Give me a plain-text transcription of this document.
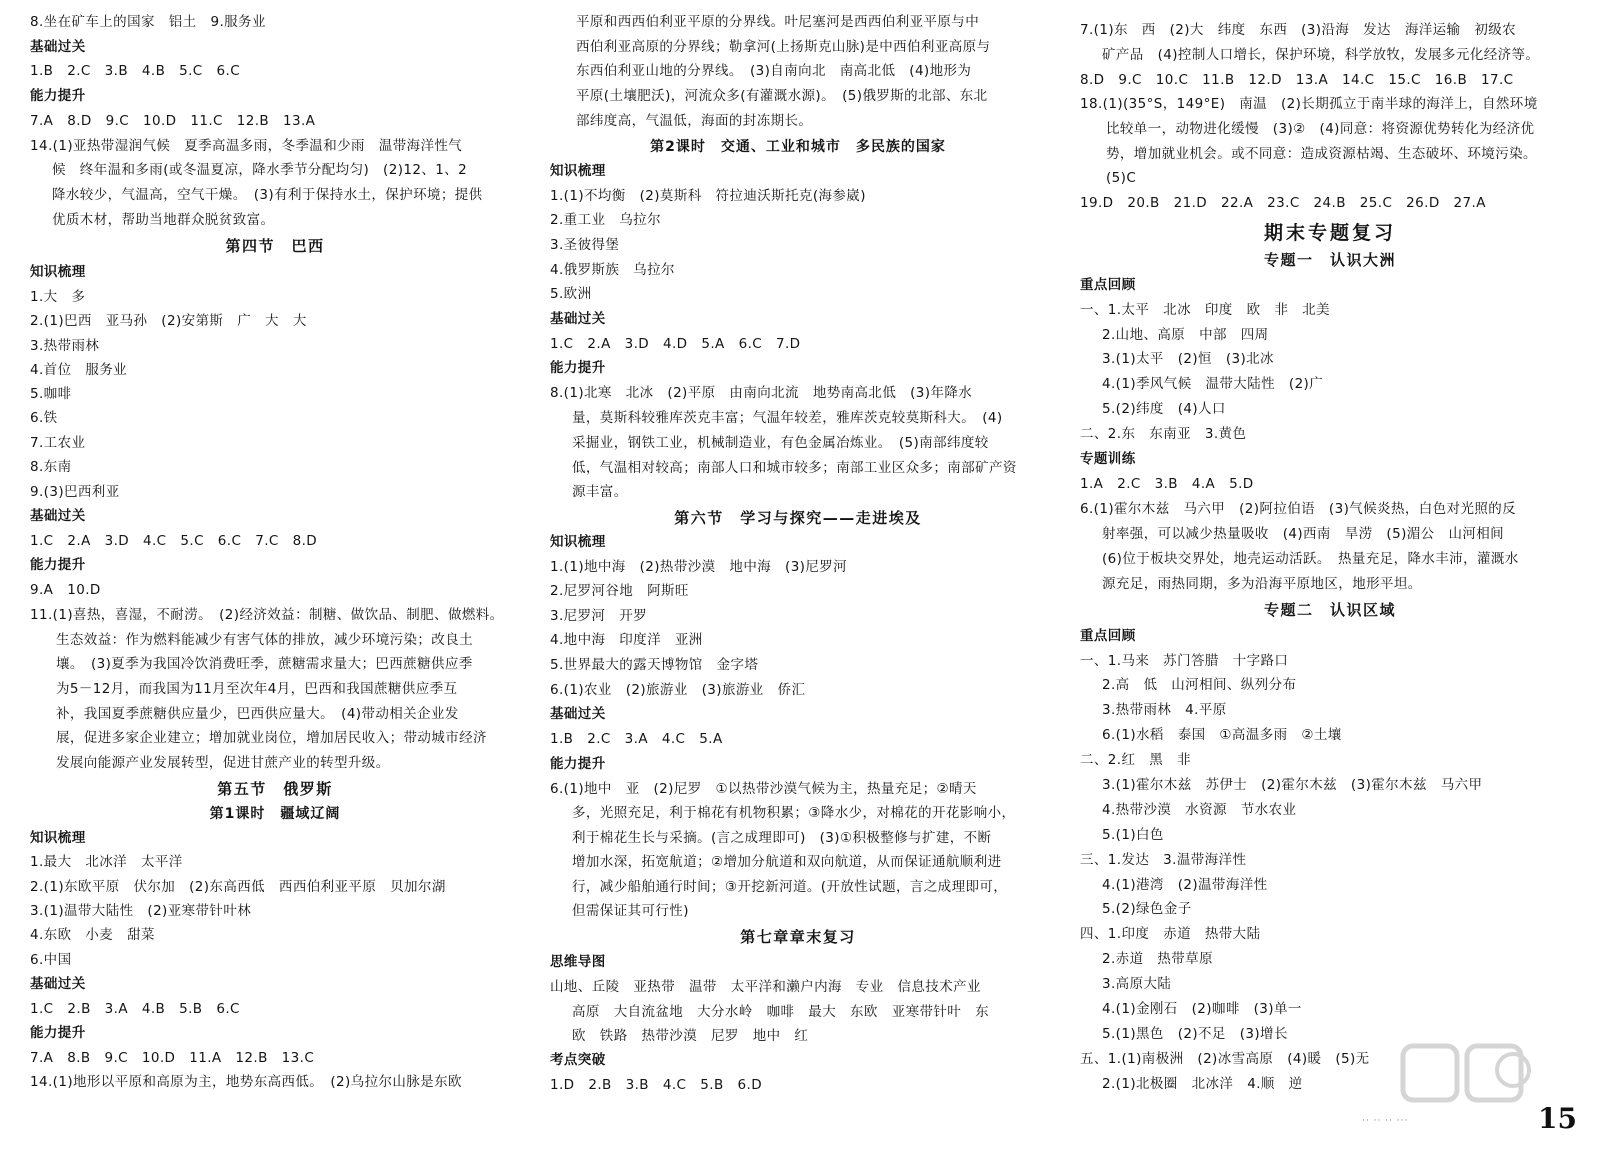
8.坐在矿车上的国家　铝土　9.服务业
基础过关
1.B　2.C　3.B　4.B　5.C　6.C
能力提升
7.A　8.D　9.C　10.D　11.C　12.B　13.A
14.(1)亚热带湿润气候　夏季高温多雨，冬季温和少雨　温带海洋性气
候　终年温和多雨(或冬温夏凉，降水季节分配均匀)　(2)12、1、2
降水较少，气温高，空气干燥。　(3)有利于保持水土，保护环境；提供
优质木材，帮助当地群众脱贫致富。
第四节　巴西
知识梳理
1.大　多
2.(1)巴西　亚马孙　(2)安第斯　广　大　大
3.热带雨林
4.首位　服务业
5.咖啡
6.铁
7.工农业
8.东南
9.(3)巴西利亚
基础过关
1.C　2.A　3.D　4.C　5.C　6.C　7.C　8.D
能力提升
9.A　10.D
11.(1)喜热，喜湿，不耐涝。　(2)经济效益：制糖、做饮品、制肥、做燃料。
生态效益：作为燃料能减少有害气体的排放，减少环境污染；改良土
壤。　(3)夏季为我国冷饮消费旺季，蔗糖需求量大；巴西蔗糖供应季
为5－12月，而我国为11月至次年4月，巴西和我国蔗糖供应季互
补，我国夏季蔗糖供应量少，巴西供应量大。　(4)带动相关企业发
展，促进多家企业建立；增加就业岗位，增加居民收入；带动城市经济
发展向能源产业发展转型，促进甘蔗产业的转型升级。
第五节　俄罗斯
第1课时　疆域辽阔
知识梳理
1.最大　北冰洋　太平洋
2.(1)东欧平原　伏尔加　(2)东高西低　西西伯利亚平原　贝加尔湖
3.(1)温带大陆性　(2)亚寒带针叶林
4.东欧　小麦　甜菜
6.中国
基础过关
1.C　2.B　3.A　4.B　5.B　6.C
能力提升
7.A　8.B　9.C　10.D　11.A　12.B　13.C
14.(1)地形以平原和高原为主，地势东高西低。　(2)乌拉尔山脉是东欧
平原和西西伯利亚平原的分界线。叶尼塞河是西西伯利亚平原与中
西伯利亚高原的分界线；勒拿河(上扬斯克山脉)是中西伯利亚高原与
东西伯利亚山地的分界线。　(3)自南向北　南高北低　(4)地形为
平原(土壤肥沃)，河流众多(有灌溉水源)。　(5)俄罗斯的北部、东北
部纬度高，气温低，海面的封冻期长。
第2课时　交通、工业和城市　多民族的国家
知识梳理
1.(1)不均衡　(2)莫斯科　符拉迪沃斯托克(海参崴)
2.重工业　乌拉尔
3.圣彼得堡
4.俄罗斯族　乌拉尔
5.欧洲
基础过关
1.C　2.A　3.D　4.D　5.A　6.C　7.D
能力提升
8.(1)北寒　北冰　(2)平原　由南向北流　地势南高北低　(3)年降水
量，莫斯科较雅库茨克丰富；气温年较差，雅库茨克较莫斯科大。　(4)
采掘业，钢铁工业，机械制造业，有色金属冶炼业。　(5)南部纬度较
低，气温相对较高；南部人口和城市较多；南部工业区众多；南部矿产资
源丰富。
第六节　学习与探究——走进埃及
知识梳理
1.(1)地中海　(2)热带沙漠　地中海　(3)尼罗河
2.尼罗河谷地　阿斯旺
3.尼罗河　开罗
4.地中海　印度洋　亚洲
5.世界最大的露天博物馆　金字塔
6.(1)农业　(2)旅游业　(3)旅游业　侨汇
基础过关
1.B　2.C　3.A　4.C　5.A
能力提升
6.(1)地中　亚　(2)尼罗　①以热带沙漠气候为主，热量充足；②晴天
多，光照充足，利于棉花有机物积累；③降水少，对棉花的开花影响小，
利于棉花生长与采摘。(言之成理即可)　(3)①积极整修与扩建，不断
增加水深，拓宽航道；②增加分航道和双向航道，从而保证通航顺利进
行，减少船舶通行时间；③开挖新河道。(开放性试题，言之成理即可，
但需保证其可行性)
第七章章末复习
思维导图
山地、丘陵　亚热带　温带　太平洋和濑户内海　专业　信息技术产业
高原　大自流盆地　大分水岭　咖啡　最大　东欧　亚寒带针叶　东
欧　铁路　热带沙漠　尼罗　地中　红
考点突破
1.D　2.B　3.B　4.C　5.B　6.D
7.(1)东　西　(2)大　纬度　东西　(3)沿海　发达　海洋运输　初级农
矿产品　(4)控制人口增长，保护环境，科学放牧，发展多元化经济等。
8.D　9.C　10.C　11.B　12.D　13.A　14.C　15.C　16.B　17.C
18.(1)(35°S，149°E)　南温　(2)长期孤立于南半球的海洋上，自然环境
比较单一，动物进化缓慢　(3)②　(4)同意：将资源优势转化为经济优
势，增加就业机会。或不同意：造成资源枯竭、生态破坏、环境污染。
(5)C
19.D　20.B　21.D　22.A　23.C　24.B　25.C　26.D　27.A
期末专题复习
专题一　认识大洲
重点回顾
一、1.太平　北冰　印度　欧　非　北美
2.山地、高原　中部　四周
3.(1)太平　(2)恒　(3)北冰
4.(1)季风气候　温带大陆性　(2)广
5.(2)纬度　(4)人口
二、2.东　东南亚　3.黄色
专题训练
1.A　2.C　3.B　4.A　5.D
6.(1)霍尔木兹　马六甲　(2)阿拉伯语　(3)气候炎热，白色对光照的反
射率强，可以减少热量吸收　(4)西南　旱涝　(5)湄公　山河相间
(6)位于板块交界处，地壳运动活跃。　热量充足，降水丰沛，灌溉水
源充足，雨热同期，多为沿海平原地区，地形平坦。
专题二　认识区域
重点回顾
一、1.马来　苏门答腊　十字路口
2.高　低　山河相间、纵列分布
3.热带雨林　4.平原
6.(1)水稻　泰国　①高温多雨　②土壤
二、2.红　黑　非
3.(1)霍尔木兹　苏伊士　(2)霍尔木兹　(3)霍尔木兹　马六甲
4.热带沙漠　水资源　节水农业
5.(1)白色
三、1.发达　3.温带海洋性
4.(1)港湾　(2)温带海洋性
5.(2)绿色金子
四、1.印度　赤道　热带大陆
2.赤道　热带草原
3.高原大陆
4.(1)金刚石　(2)咖啡　(3)单一
5.(1)黑色　(2)不足　(3)增长
五、1.(1)南极洲　(2)冰雪高原　(4)暖　(5)无
2.(1)北极圈　北冰洋　4.顺　逆
·· ·· ·· ···	15
